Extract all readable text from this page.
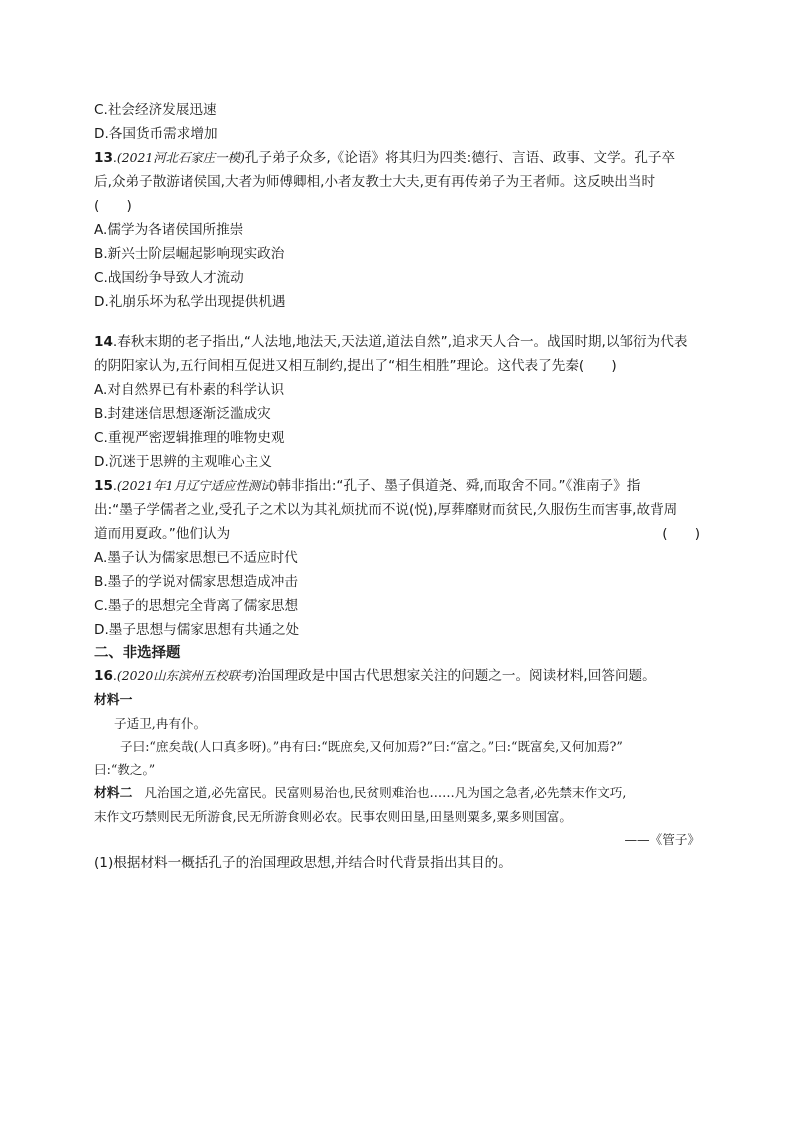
C.社会经济发展迅速
D.各国货币需求增加
13.(2021河北石家庄一模)孔子弟子众多,《论语》将其归为四类:德行、言语、政事、文学。孔子卒
后,众弟子散游诸侯国,大者为师傅卿相,小者友教士大夫,更有再传弟子为王者师。这反映出当时
(　　)
A.儒学为各诸侯国所推崇
B.新兴士阶层崛起影响现实政治
C.战国纷争导致人才流动
D.礼崩乐坏为私学出现提供机遇
14.春秋末期的老子指出,“人法地,地法天,天法道,道法自然”,追求天人合一。战国时期,以邹衍为代表
的阴阳家认为,五行间相互促进又相互制约,提出了“相生相胜”理论。这代表了先秦(　　)
A.对自然界已有朴素的科学认识
B.封建迷信思想逐渐泛滥成灾
C.重视严密逻辑推理的唯物史观
D.沉迷于思辨的主观唯心主义
15.(2021年1月辽宁适应性测试)韩非指出:“孔子、墨子俱道尧、舜,而取舍不同。”《淮南子》指
出:“墨子学儒者之业,受孔子之术以为其礼烦扰而不说(悦),厚葬靡财而贫民,久服伤生而害事,故背周
道而用夏政。”他们认为	(　　)
A.墨子认为儒家思想已不适应时代
B.墨子的学说对儒家思想造成冲击
C.墨子的思想完全背离了儒家思想
D.墨子思想与儒家思想有共通之处
二、非选择题
16.(2020山东滨州五校联考)治国理政是中国古代思想家关注的问题之一。阅读材料,回答问题。
材料一
子适卫,冉有仆。
子曰:“庶矣哉(人口真多呀)。”冉有曰:“既庶矣,又何加焉?”曰:“富之。”曰:“既富矣,又何加焉?”
曰:“教之。”
材料二 凡治国之道,必先富民。民富则易治也,民贫则难治也……凡为国之急者,必先禁末作文巧,
末作文巧禁则民无所游食,民无所游食则必农。民事农则田垦,田垦则粟多,粟多则国富。
——《管子》
(1)根据材料一概括孔子的治国理政思想,并结合时代背景指出其目的。
